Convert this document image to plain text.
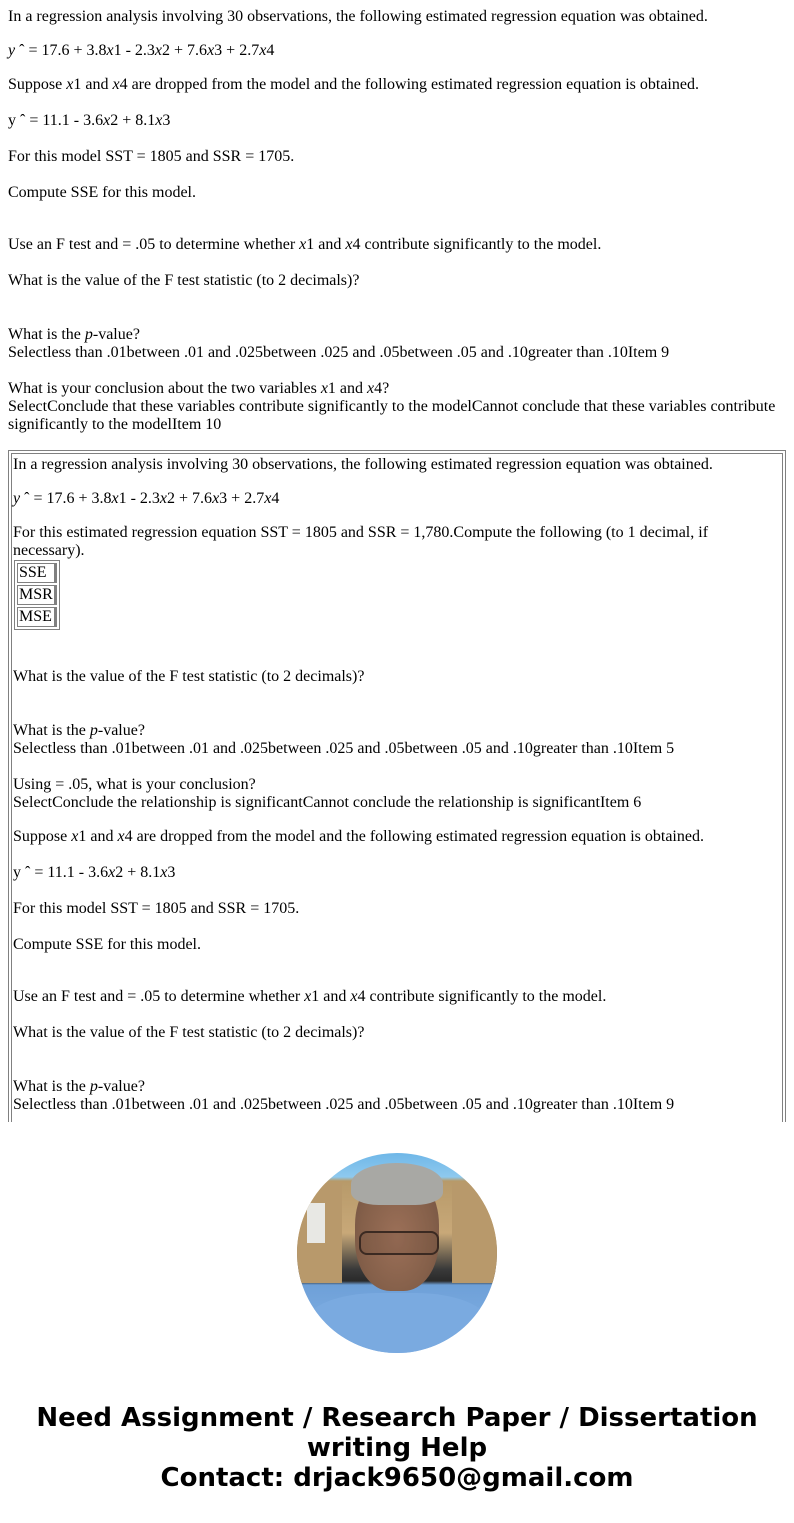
In a regression analysis involving 30 observations, the following estimated regression equation was obtained.

y ˆ = 17.6 + 3.8x1 - 2.3x2 + 7.6x3 + 2.7x4

Suppose x1 and x4 are dropped from the model and the following estimated regression equation is obtained.

y ˆ = 11.1 - 3.6x2 + 8.1x3

For this model SST = 1805 and SSR = 1705.

Compute SSE for this model.

Use an F test and = .05 to determine whether x1 and x4 contribute significantly to the model.

What is the value of the F test statistic (to 2 decimals)?

What is the p-value?

Selectless than .01between .01 and .025between .025 and .05between .05 and .10greater than .10Item 9

What is your conclusion about the two variables x1 and x4?

SelectConclude that these variables contribute significantly to the modelCannot conclude that these variables contribute significantly to the modelItem 10

In a regression analysis involving 30 observations, the following estimated regression equation was obtained.

y ˆ = 17.6 + 3.8x1 - 2.3x2 + 7.6x3 + 2.7x4

For this estimated regression equation SST = 1805 and SSR = 1,780.Compute the following (to 1 decimal, if necessary).

SSE
MSR
MSE

What is the value of the F test statistic (to 2 decimals)?

What is the p-value?

Selectless than .01between .01 and .025between .025 and .05between .05 and .10greater than .10Item 5

Using = .05, what is your conclusion?

SelectConclude the relationship is significantCannot conclude the relationship is significantItem 6

Suppose x1 and x4 are dropped from the model and the following estimated regression equation is obtained.

y ˆ = 11.1 - 3.6x2 + 8.1x3

For this model SST = 1805 and SSR = 1705.

Compute SSE for this model.

Use an F test and = .05 to determine whether x1 and x4 contribute significantly to the model.

What is the value of the F test statistic (to 2 decimals)?

What is the p-value?

Selectless than .01between .01 and .025between .025 and .05between .05 and .10greater than .10Item 9

Need Assignment / Research Paper / Dissertation
writing Help
Contact: drjack9650@gmail.com
